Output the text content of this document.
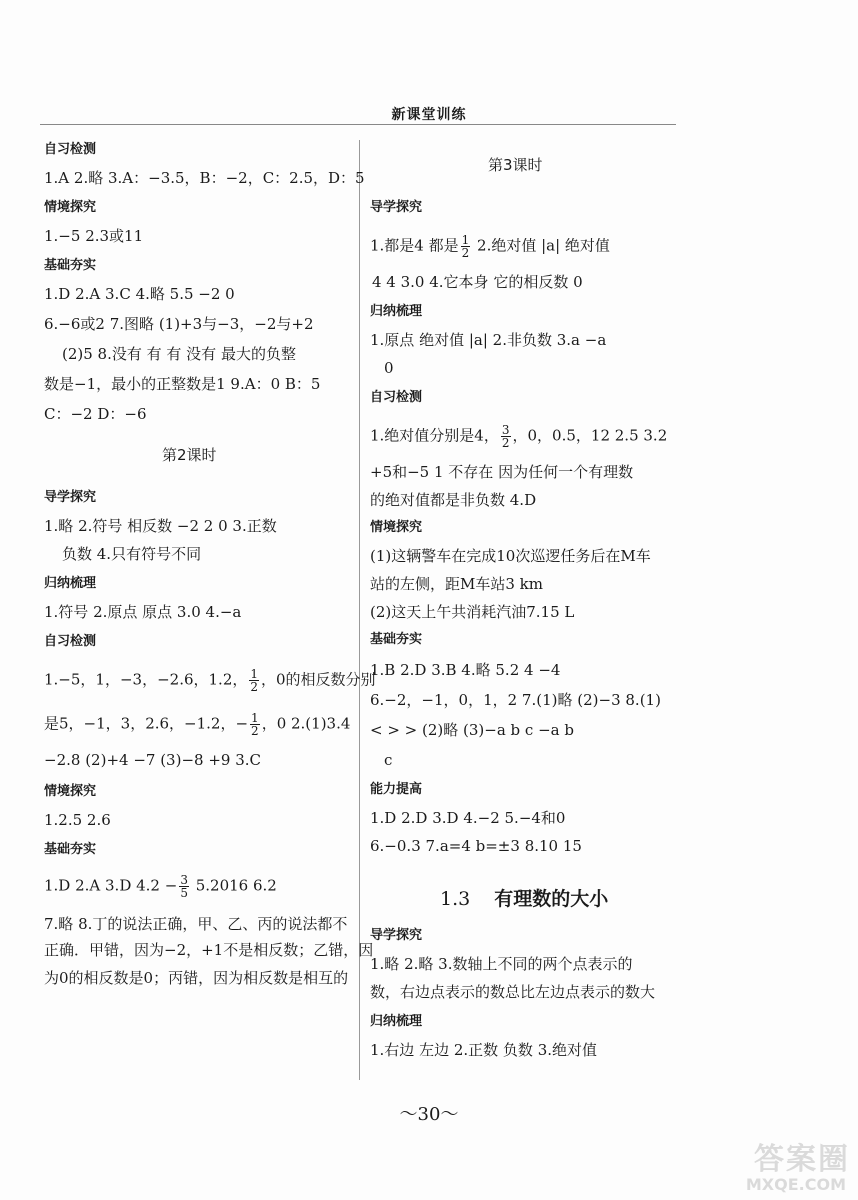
新课堂训练
自习检测
1.A 2.略 3.A：−3.5，B：−2，C：2.5，D：5
情境探究
1.−5 2.3或11
基础夯实
1.D 2.A 3.C 4.略 5.5 −2 0
6.−6或2 7.图略 (1)+3与−3，−2与+2
(2)5 8.没有 有 有 没有 最大的负整
数是−1，最小的正整数是1 9.A：0 B：5
C：−2 D：−6
第2课时
导学探究
1.略 2.符号 相反数 −2 2 0 3.正数
负数 4.只有符号不同
归纳梳理
1.符号 2.原点 原点 3.0 4.−a
自习检测
1.−5，1，−3，−2.6，1.2， $\frac{1}{2}$ ，0的相反数分别
是5，−1，3，2.6，−1.2，− $\frac{1}{2}$ ，0 2.(1)3.4
−2.8 (2)+4 −7 (3)−8 +9 3.C
情境探究
1.2.5 2.6
基础夯实
1.D 2.A 3.D $4.2 - \frac{3}{5} 5.2016$ 6.2
7.略 8.丁的说法正确，甲、乙、丙的说法都不
正确．甲错，因为−2，+1不是相反数；乙错，因
为0的相反数是0；丙错，因为相反数是相互的
第3课时
导学探究
1.都是4 都是 $\frac{1}{2} 2$.绝对值 |a| 绝对值
4 4 3.0 4.它本身 它的相反数 0
归纳梳理
1.原点 绝对值 |a| 2.非负数 3.a −a
0
自习检测
1.绝对值分别是4， $\frac{3}{2}$ ，0，0.5，12 2.5 3.2
+5和−5 1 不存在 因为任何一个有理数
的绝对值都是非负数 4.D
情境探究
(1)这辆警车在完成10次巡逻任务后在M车
站的左侧，距M车站3 km
(2)这天上午共消耗汽油7.15 L
基础夯实
1.B 2.D 3.B 4.略 5.2 4 −4
6.−2，−1，0，1，2 7.(1)略 (2)−3 8.(1)
< > > (2)略 (3)−a b c −a b
c
能力提高
1.D 2.D 3.D 4.−2 5.−4和0
6.−0.3 7.a=4 b=±3 8.10 15
1.3 有理数的大小
导学探究
1.略 2.略 3.数轴上不同的两个点表示的
数，右边点表示的数总比左边点表示的数大
归纳梳理
1.右边 左边 2.正数 负数 3.绝对值
～30～
答案圈
MXQE.COM
